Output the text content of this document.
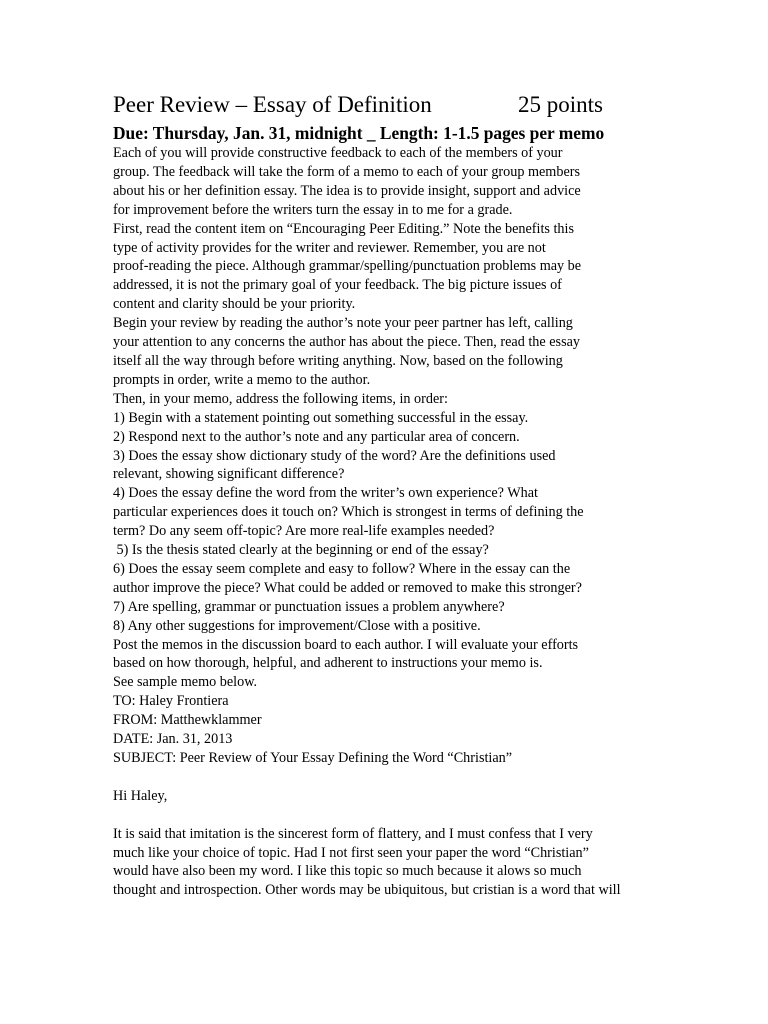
Peer Review – Essay of Definition	25 points
Due: Thursday, Jan. 31, midnight _ Length: 1-1.5 pages per memo

Each of you will provide constructive feedback to each of the members of your

group. The feedback will take the form of a memo to each of your group members

about his or her definition essay. The idea is to provide insight, support and advice

for improvement before the writers turn the essay in to me for a grade.

First, read the content item on “Encouraging Peer Editing.” Note the benefits this

type of activity provides for the writer and reviewer. Remember, you are not

proof-reading the piece. Although grammar/spelling/punctuation problems may be

addressed, it is not the primary goal of your feedback. The big picture issues of

content and clarity should be your priority.

Begin your review by reading the author’s note your peer partner has left, calling

your attention to any concerns the author has about the piece. Then, read the essay

itself all the way through before writing anything. Now, based on the following

prompts in order, write a memo to the author.

Then, in your memo, address the following items, in order:

1) Begin with a statement pointing out something successful in the essay.

2) Respond next to the author’s note and any particular area of concern.

3) Does the essay show dictionary study of the word? Are the definitions used

relevant, showing significant difference?

4) Does the essay define the word from the writer’s own experience? What

particular experiences does it touch on? Which is strongest in terms of defining the

term? Do any seem off-topic? Are more real-life examples needed?

5) Is the thesis stated clearly at the beginning or end of the essay?

6) Does the essay seem complete and easy to follow? Where in the essay can the

author improve the piece? What could be added or removed to make this stronger?

7) Are spelling, grammar or punctuation issues a problem anywhere?

8) Any other suggestions for improvement/Close with a positive.

Post the memos in the discussion board to each author. I will evaluate your efforts

based on how thorough, helpful, and adherent to instructions your memo is.

See sample memo below.

TO: Haley Frontiera

FROM: Matthewklammer

DATE: Jan. 31, 2013

SUBJECT: Peer Review of Your Essay Defining the Word “Christian”

Hi Haley,

It is said that imitation is the sincerest form of flattery, and I must confess that I very

much like your choice of topic. Had I not first seen your paper the word “Christian”

would have also been my word. I like this topic so much because it alows so much

thought and introspection. Other words may be ubiquitous, but cristian is a word that will
